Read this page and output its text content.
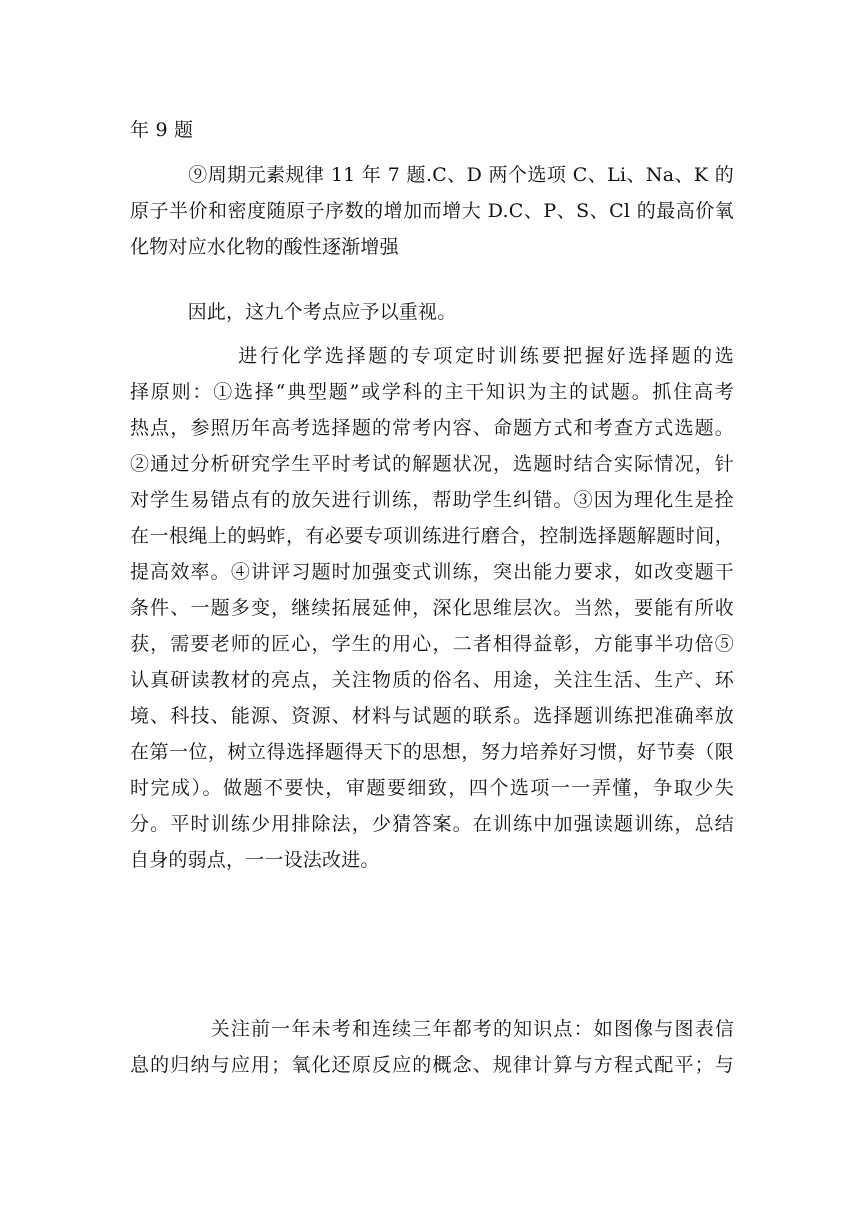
年 9 题
　　　⑨周期元素规律 11 年 7 题.C、D 两个选项 C、Li、Na、K 的
原子半价和密度随原子序数的增加而增大 D.C、P、S、Cl 的最高价氧
化物对应水化物的酸性逐渐增强
　　　因此，这九个考点应予以重视。
　　　　　进行化学选择题的专项定时训练要把握好选择题的选
择原则：①选择“典型题”或学科的主干知识为主的试题。抓住高考
热点，参照历年高考选择题的常考内容、命题方式和考查方式选题。
②通过分析研究学生平时考试的解题状况，选题时结合实际情况，针
对学生易错点有的放矢进行训练，帮助学生纠错。③因为理化生是拴
在一根绳上的蚂蚱，有必要专项训练进行磨合，控制选择题解题时间，
提高效率。④讲评习题时加强变式训练，突出能力要求，如改变题干
条件、一题多变，继续拓展延伸，深化思维层次。当然，要能有所收
获，需要老师的匠心，学生的用心，二者相得益彰，方能事半功倍⑤
认真研读教材的亮点，关注物质的俗名、用途，关注生活、生产、环
境、科技、能源、资源、材料与试题的联系。选择题训练把准确率放
在第一位，树立得选择题得天下的思想，努力培养好习惯，好节奏（限
时完成）。做题不要快，审题要细致，四个选项一一弄懂，争取少失
分。平时训练少用排除法，少猜答案。在训练中加强读题训练，总结
自身的弱点，一一设法改进。
　　　　关注前一年未考和连续三年都考的知识点：如图像与图表信
息的归纳与应用；氧化还原反应的概念、规律计算与方程式配平；与
